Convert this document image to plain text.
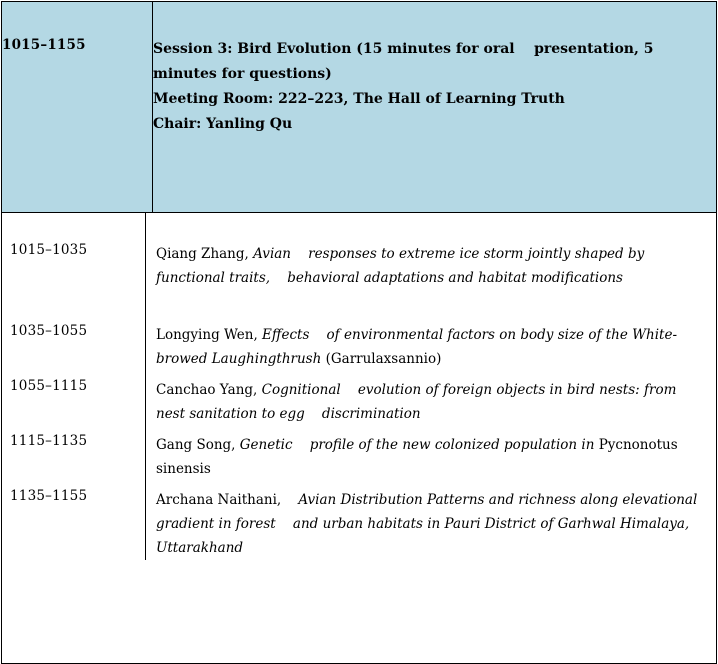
1015–1155	Session 3: Bird Evolution (15 minutes for oral    presentation, 5 minutes for questions)
Meeting Room: 222–223, The Hall of Learning Truth
Chair: Yanling Qu

1015–1035	Qiang Zhang, Avian    responses to extreme ice storm jointly shaped by functional traits,    behavioral adaptations and habitat modifications
1035–1055	Longying Wen, Effects    of environmental factors on body size of the White-browed Laughingthrush (Garrulaxsannio)
1055–1115	Canchao Yang, Cognitional    evolution of foreign objects in bird nests: from nest sanitation to egg    discrimination
1115–1135	Gang Song, Genetic    profile of the new colonized population in Pycnonotus sinensis
1135–1155	Archana Naithani,    Avian Distribution Patterns and richness along elevational gradient in forest    and urban habitats in Pauri District of Garhwal Himalaya, Uttarakhand
